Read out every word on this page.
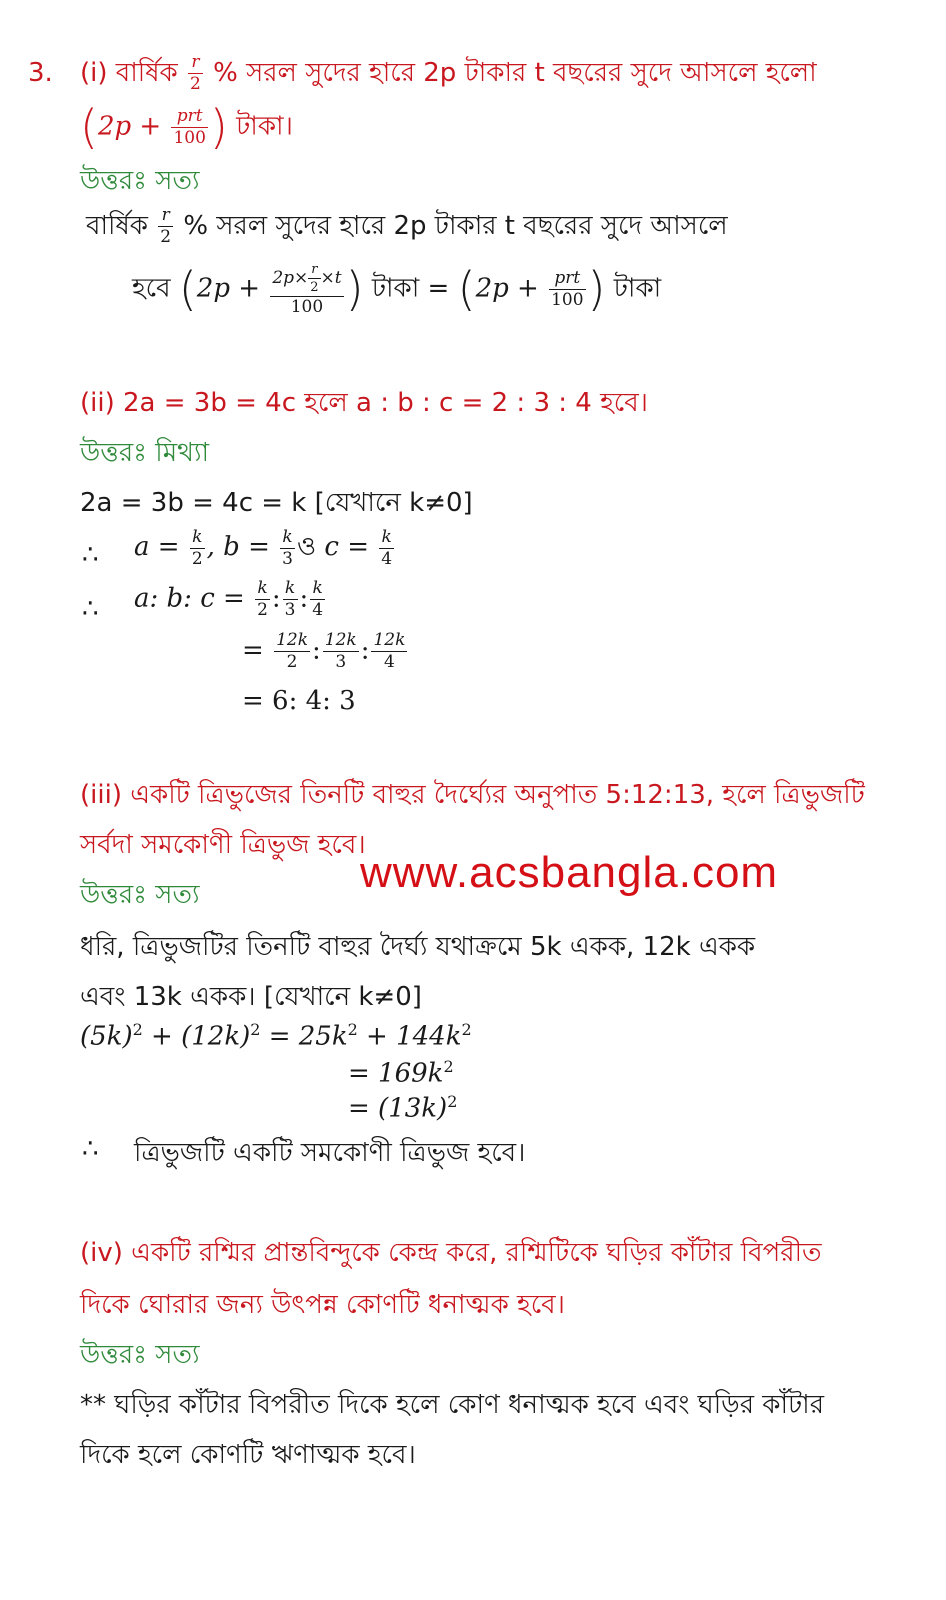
3. (i) বার্ষিক $\frac{r}{2}$ % সরল সুদের হারে 2p টাকার t বছরের সুদে আসলে হলো
($2p + \frac{\text{prt}}{100}$ ) টাকা।
উত্তরঃ সত্য
বার্ষিক $\frac{r}{2}$ % সরল সুদের হারে 2p টাকার t বছরের সুদে আসলে
হবে ($2p + \frac{2p\times \frac{r}{2} \times t}{100}$ ) টাকা = ($2p + \frac{\text{prt}}{100}$ ) টাকা
(ii) 2a = 3b = 4c হলে a : b : c = 2 : 3 : 4 হবে।
উত্তরঃ মিথ্যা
2a = 3b = 4c = k [যেখানে k≠0]
∴ $a = \frac{k}{2}$ , $b = \frac{k}{3}$ ও $c = \frac{k}{4}$
∴ a: b: $c = \frac{k}{2}$ : $\frac{k}{3}$ : $\frac{k}{4}$
= $\frac{12k}{2}$ : $\frac{12k}{3}$ : $\frac{12k}{4}$
= 6: 4: 3
(iii) একটি ত্রিভুজের তিনটি বাহুর দৈর্ঘ্যের অনুপাত 5:12:13, হলে ত্রিভুজটি
সর্বদা সমকোণী ত্রিভুজ হবে।
www.acsbangla.com
উত্তরঃ সত্য
ধরি, ত্রিভুজটির তিনটি বাহুর দৈর্ঘ্য যথাক্রমে 5k একক, 12k একক
এবং 13k একক। [যেখানে k≠0]
$(5k)^2 + (12k)^2 = 25k^2 + 144k^2$
= $169k^2$
= $(13k)^2$
∴ ত্রিভুজটি একটি সমকোণী ত্রিভুজ হবে।
(iv) একটি রশ্মির প্রান্তবিন্দুকে কেন্দ্র করে, রশ্মিটিকে ঘড়ির কাঁটার বিপরীত
দিকে ঘোরার জন্য উৎপন্ন কোণটি ধনাত্মক হবে।
উত্তরঃ সত্য
** ঘড়ির কাঁটার বিপরীত দিকে হলে কোণ ধনাত্মক হবে এবং ঘড়ির কাঁটার
দিকে হলে কোণটি ঋণাত্মক হবে।
